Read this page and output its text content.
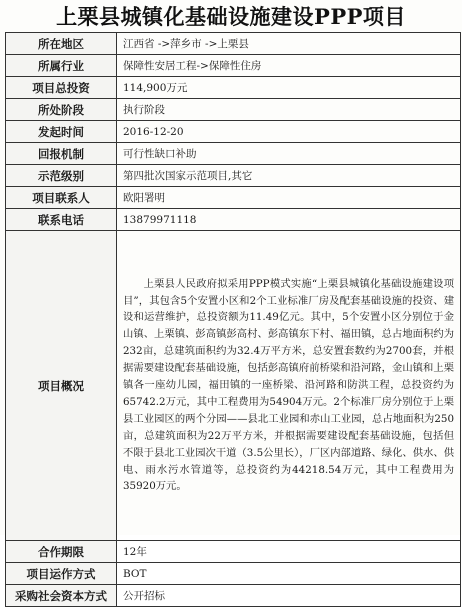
上栗县城镇化基础设施建设PPP项目
所在地区	江西省 ->萍乡市 ->上栗县
所属行业	保障性安居工程->保障性住房
项目总投资	114,900万元
所处阶段	执行阶段
发起时间	2016-12-20
回报机制	可行性缺口补助
示范级别	第四批次国家示范项目,其它
项目联系人	欧阳署明
联系电话	13879971118
项目概况	上栗县人民政府拟采用PPP模式实施“上栗县城镇化基础设施建设项目”，其包含5个安置小区和2个工业标准厂房及配套基础设施的投资、建设和运营维护，总投资额为11.49亿元。其中，5个安置小区分别位于金山镇、上栗镇、彭高镇彭高村、彭高镇东下村、福田镇，总占地面积约为232亩，总建筑面积约为32.4万平方米，总安置套数约为2700套，并根据需要建设配套基础设施，包括彭高镇府前桥梁和沿河路，金山镇和上栗镇各一座幼儿园，福田镇的一座桥梁、沿河路和防洪工程，总投资约为65742.2万元，其中工程费用为54904万元。2个标准厂房分别位于上栗县工业园区的两个分园——县北工业园和赤山工业园，总占地面积为250亩，总建筑面积为22万平方米，并根据需要建设配套基础设施，包括但不限于县北工业园次干道（3.5公里长），厂区内部道路、绿化、供水、供电、雨水污水管道等，总投资约为44218.54万元，其中工程费用为35920万元。
合作期限	12年
项目运作方式	BOT
采购社会资本方式	公开招标
